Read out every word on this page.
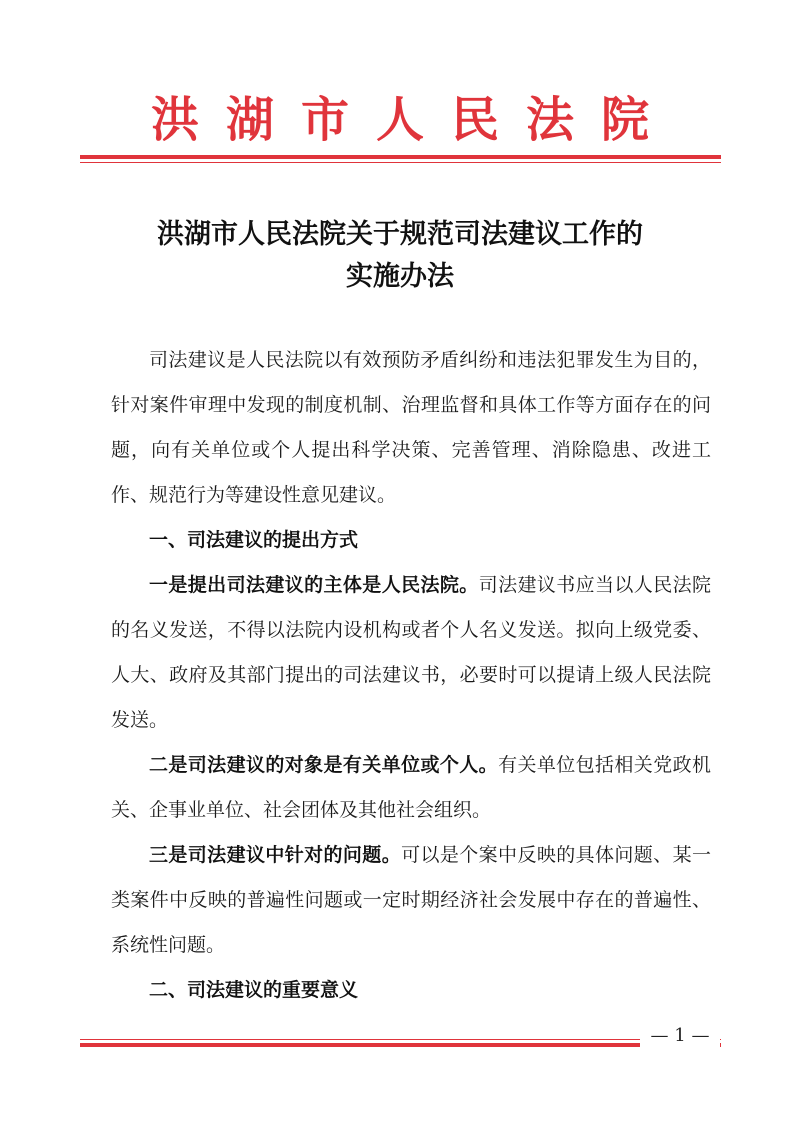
洪湖市人民法院
洪湖市人民法院关于规范司法建议工作的
实施办法

司法建议是人民法院以有效预防矛盾纠纷和违法犯罪发生为目的，针对案件审理中发现的制度机制、治理监督和具体工作等方面存在的问题，向有关单位或个人提出科学决策、完善管理、消除隐患、改进工作、规范行为等建设性意见建议。

一、司法建议的提出方式

一是提出司法建议的主体是人民法院。司法建议书应当以人民法院的名义发送，不得以法院内设机构或者个人名义发送。拟向上级党委、人大、政府及其部门提出的司法建议书，必要时可以提请上级人民法院发送。

二是司法建议的对象是有关单位或个人。有关单位包括相关党政机关、企事业单位、社会团体及其他社会组织。

三是司法建议中针对的问题。可以是个案中反映的具体问题、某一类案件中反映的普遍性问题或一定时期经济社会发展中存在的普遍性、系统性问题。

二、司法建议的重要意义

— 1 —
